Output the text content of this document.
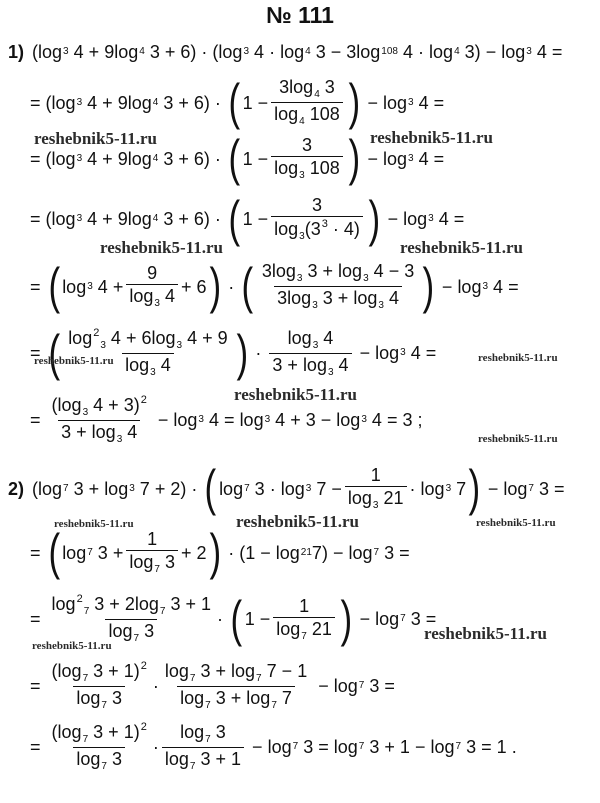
№ 111
1) ( log 3
4
+
9 log 4
3
+
6 )
·
( log 3
4
·
log 4
3
−
3 log 108
4
·
log 4
3 )
−
log 3
4
=
=
( log 3
4
+
9 log 4
3
+
6 )
·
( 1
− $\frac{3\log_4 3}{\log_4 108}$ )
−
log 3
4
=
=
( log 3
4
+
9 log 4
3
+
6 )
·
( 1
− $\frac{3}{\log_3 108}$ )
−
log 3
4
=
=
( log 3
4
+
9 log 4
3
+
6 )
·
( 1
− $\frac{3}{\log_3(3^3 \cdot 4)}$ )
−
log 3
4
=
=
( log 3
4
+ $\frac{9}{\log_3 4}$ +
6 )
·
( $\frac{3\log_3 3 + \log_3 4 - 3}{3\log_3 3 + \log_3 4}$ )
−
log 3
4
=
=
( $\frac{\log^2_3 4 + 6\log_3 4 + 9}{\log_3 4}$ )
·
$\frac{\log_3 4}{3 + \log_3 4}$
−
log 3
4
=
=
$\frac{(\log_3 4 + 3)^2}{3 + \log_3 4}$
−
log 3
4
=
log 3
4
+
3
−
log 3
4
=
3
;
2) ( log 7
3
+
log 3
7
+
2 )
·
( log 7
3
·
log 3
7
− $\frac{1}{\log_3 21}$ ·
log 3
7 )
−
log 7
3
=
=
( log 7
3
+ $\frac{1}{\log_7 3}$ +
2 )
·
( 1
−
log 21 7 )
−
log 7
3
=
=
$\frac{\log^2_7 3 + 2\log_7 3 + 1}{\log_7 3}$ ·
( 1
− $\frac{1}{\log_7 21}$ )
−
log 7
3
=
=
$\frac{(\log_7 3 + 1)^2}{\log_7 3} \cdot \frac{\log_7 3 + \log_7 7 - 1}{\log_7 3 + \log_7 7}$
−
log 7
3
=
=
$\frac{(\log_7 3 + 1)^2}{\log_7 3} \cdot \frac{\log_7 3}{\log_7 3 + 1}$
−
log 7
3
=
log 7
3
+
1
−
log 7
3
=
1
.
reshebnik5-11.ru	reshebnik5-11.ru
reshebnik5-11.ru	reshebnik5-11.ru
reshebnik5-11.ru	reshebnik5-11.ru
reshebnik5-11.ru
reshebnik5-11.ru
reshebnik5-11.ru	reshebnik5-11.ru	reshebnik5-11.ru
reshebnik5-11.ru
reshebnik5-11.ru
